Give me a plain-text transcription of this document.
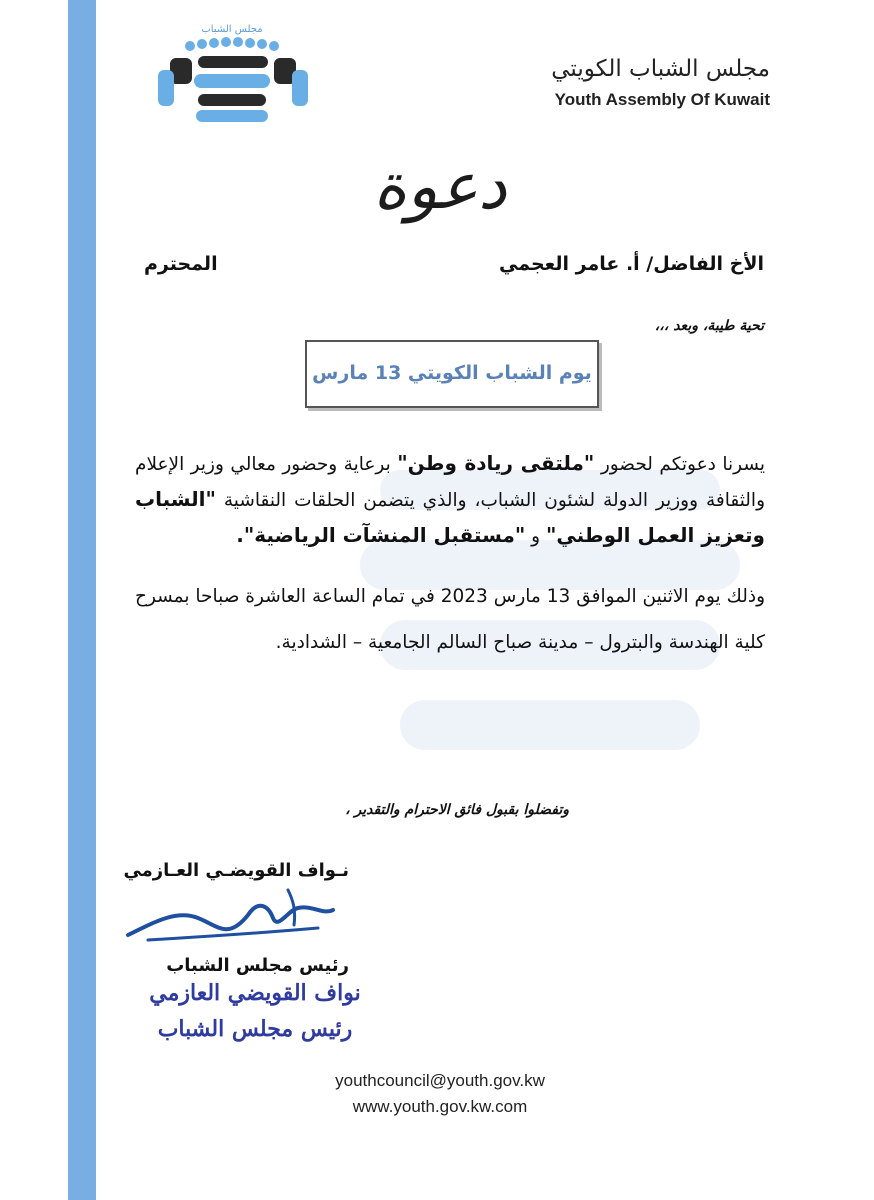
مجلس الشباب
مجلس الشباب الكويتي
Youth Assembly Of Kuwait
دعوة
الأخ الفاضل/ أ. عامر العجمي
المحترم
تحية طيبة، وبعد ،،،
يوم الشباب الكويتي 13 مارس

يسرنا دعوتكم لحضور "ملتقى ريادة وطن" برعاية وحضور معالي وزير الإعلام والثقافة ووزير الدولة لشئون الشباب، والذي يتضمن الحلقات النقاشية "الشباب وتعزيز العمل الوطني" و "مستقبل المنشآت الرياضية".

وذلك يوم الاثنين الموافق 13 مارس 2023 في تمام الساعة العاشرة صباحا بمسرح كلية الهندسة والبترول – مدينة صباح السالم الجامعية – الشدادية.

وتفضلوا بقبول فائق الاحترام والتقدير ،
نـواف القويضـي العـازمي
رئيس مجلس الشباب
نواف القويضي العازمي
رئيس مجلس الشباب
youthcouncil@youth.gov.kw
www.youth.gov.kw.com
